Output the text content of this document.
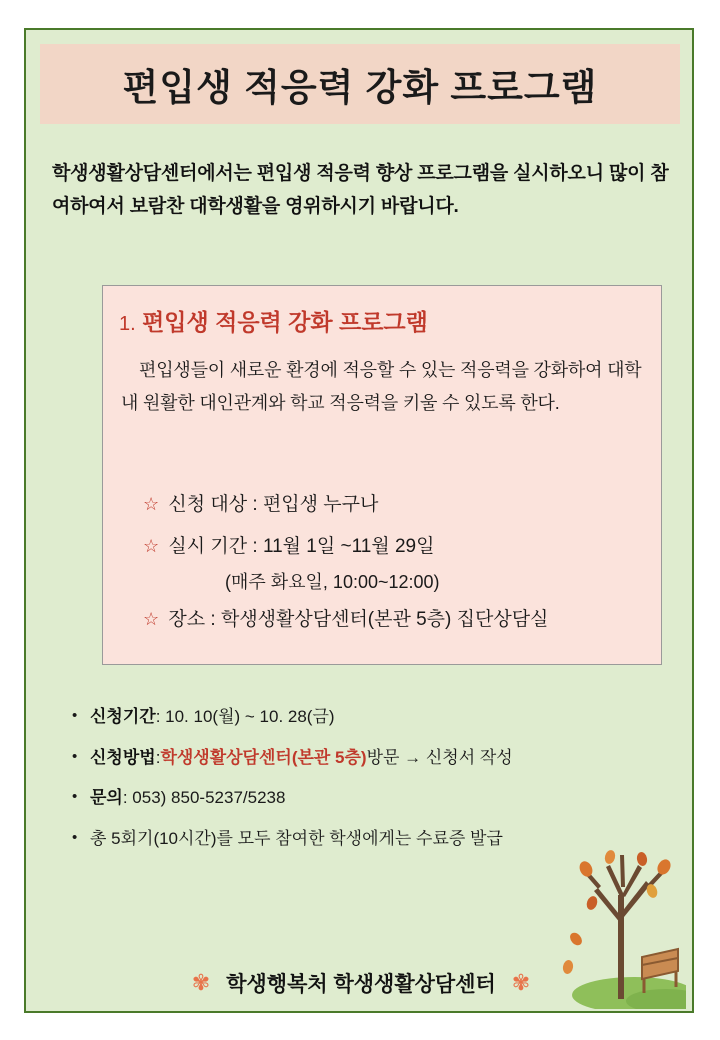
편입생 적응력 강화 프로그램
학생생활상담센터에서는 편입생 적응력 향상 프로그램을 실시하오니 많이 참여하여서 보람찬 대학생활을 영위하시기 바랍니다.
1. 편입생 적응력 강화 프로그램
편입생들이 새로운 환경에 적응할 수 있는 적응력을 강화하여 대학 내 원활한 대인관계와 학교 적응력을 키울 수 있도록 한다.
☆ 신청 대상 : 편입생 누구나
☆ 실시 기간 : 11월 1일 ~11월 29일
(매주 화요일, 10:00~12:00)
☆ 장소 : 학생생활상담센터(본관 5층) 집단상담실
• 신청기간 : 10. 10(월) ~ 10. 28(금)
• 신청방법 : 학생생활상담센터(본관 5층) 방문 → 신청서 작성
• 문의 : 053) 850-5237/5238
• 총 5회기(10시간)를 모두 참여한 학생에게는 수료증 발급
✾ 학생행복처 학생생활상담센터 ✾
